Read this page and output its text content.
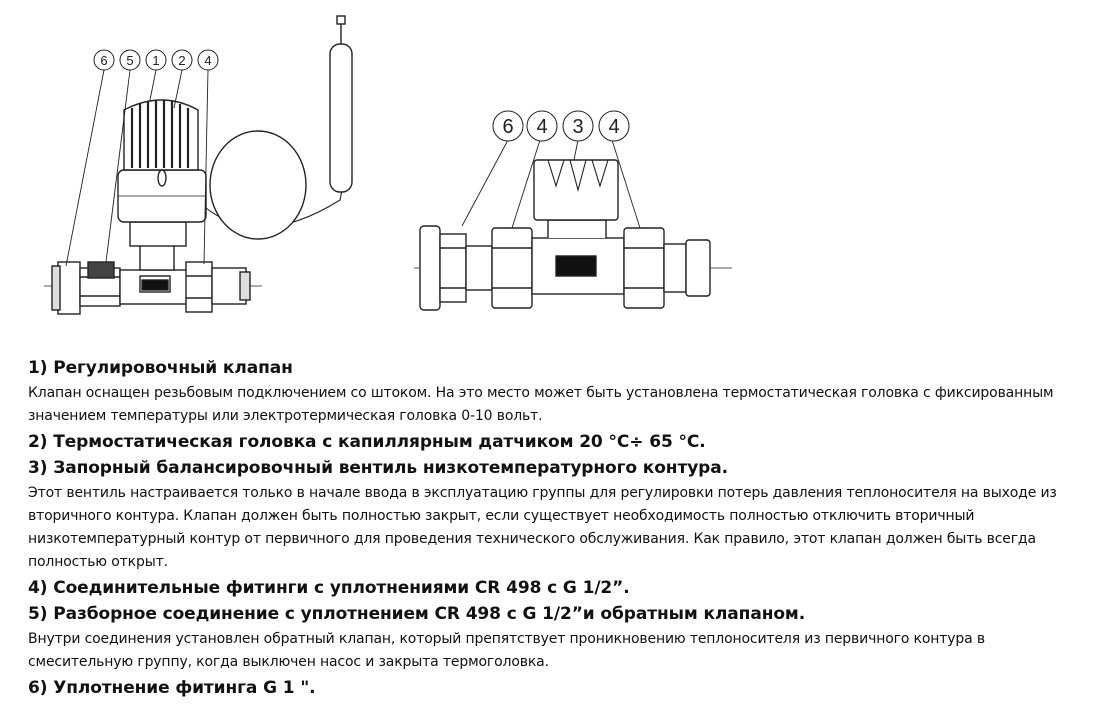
6 5 1 2 4
6 4 3 4
1) Регулировочный клапан

Клапан оснащен резьбовым подключением со штоком. На это место может быть установлена термостатическая головка с фиксированным значением температуры или электротермическая головка 0-10 вольт.

2) Термостатическая головка с капиллярным датчиком 20 °C÷ 65 °C.
3) Запорный балансировочный вентиль низкотемпературного контура.

Этот вентиль настраивается только в начале ввода в эксплуатацию группы для регулировки потерь давления теплоносителя на выходе из вторичного контура. Клапан должен быть полностью закрыт, если существует необходимость полностью отключить вторичный низкотемпературный контур от первичного для проведения технического обслуживания. Как правило, этот клапан должен быть всегда полностью открыт.

4) Соединительные фитинги с уплотнениями CR 498 с G 1/2”.
5) Разборное соединение с уплотнением CR 498 с G 1/2”и обратным клапаном.

Внутри соединения установлен обратный клапан, который препятствует проникновению теплоносителя из первичного контура в смесительную группу, когда выключен насос и закрыта термоголовка.

6) Уплотнение фитинга G 1 ".
